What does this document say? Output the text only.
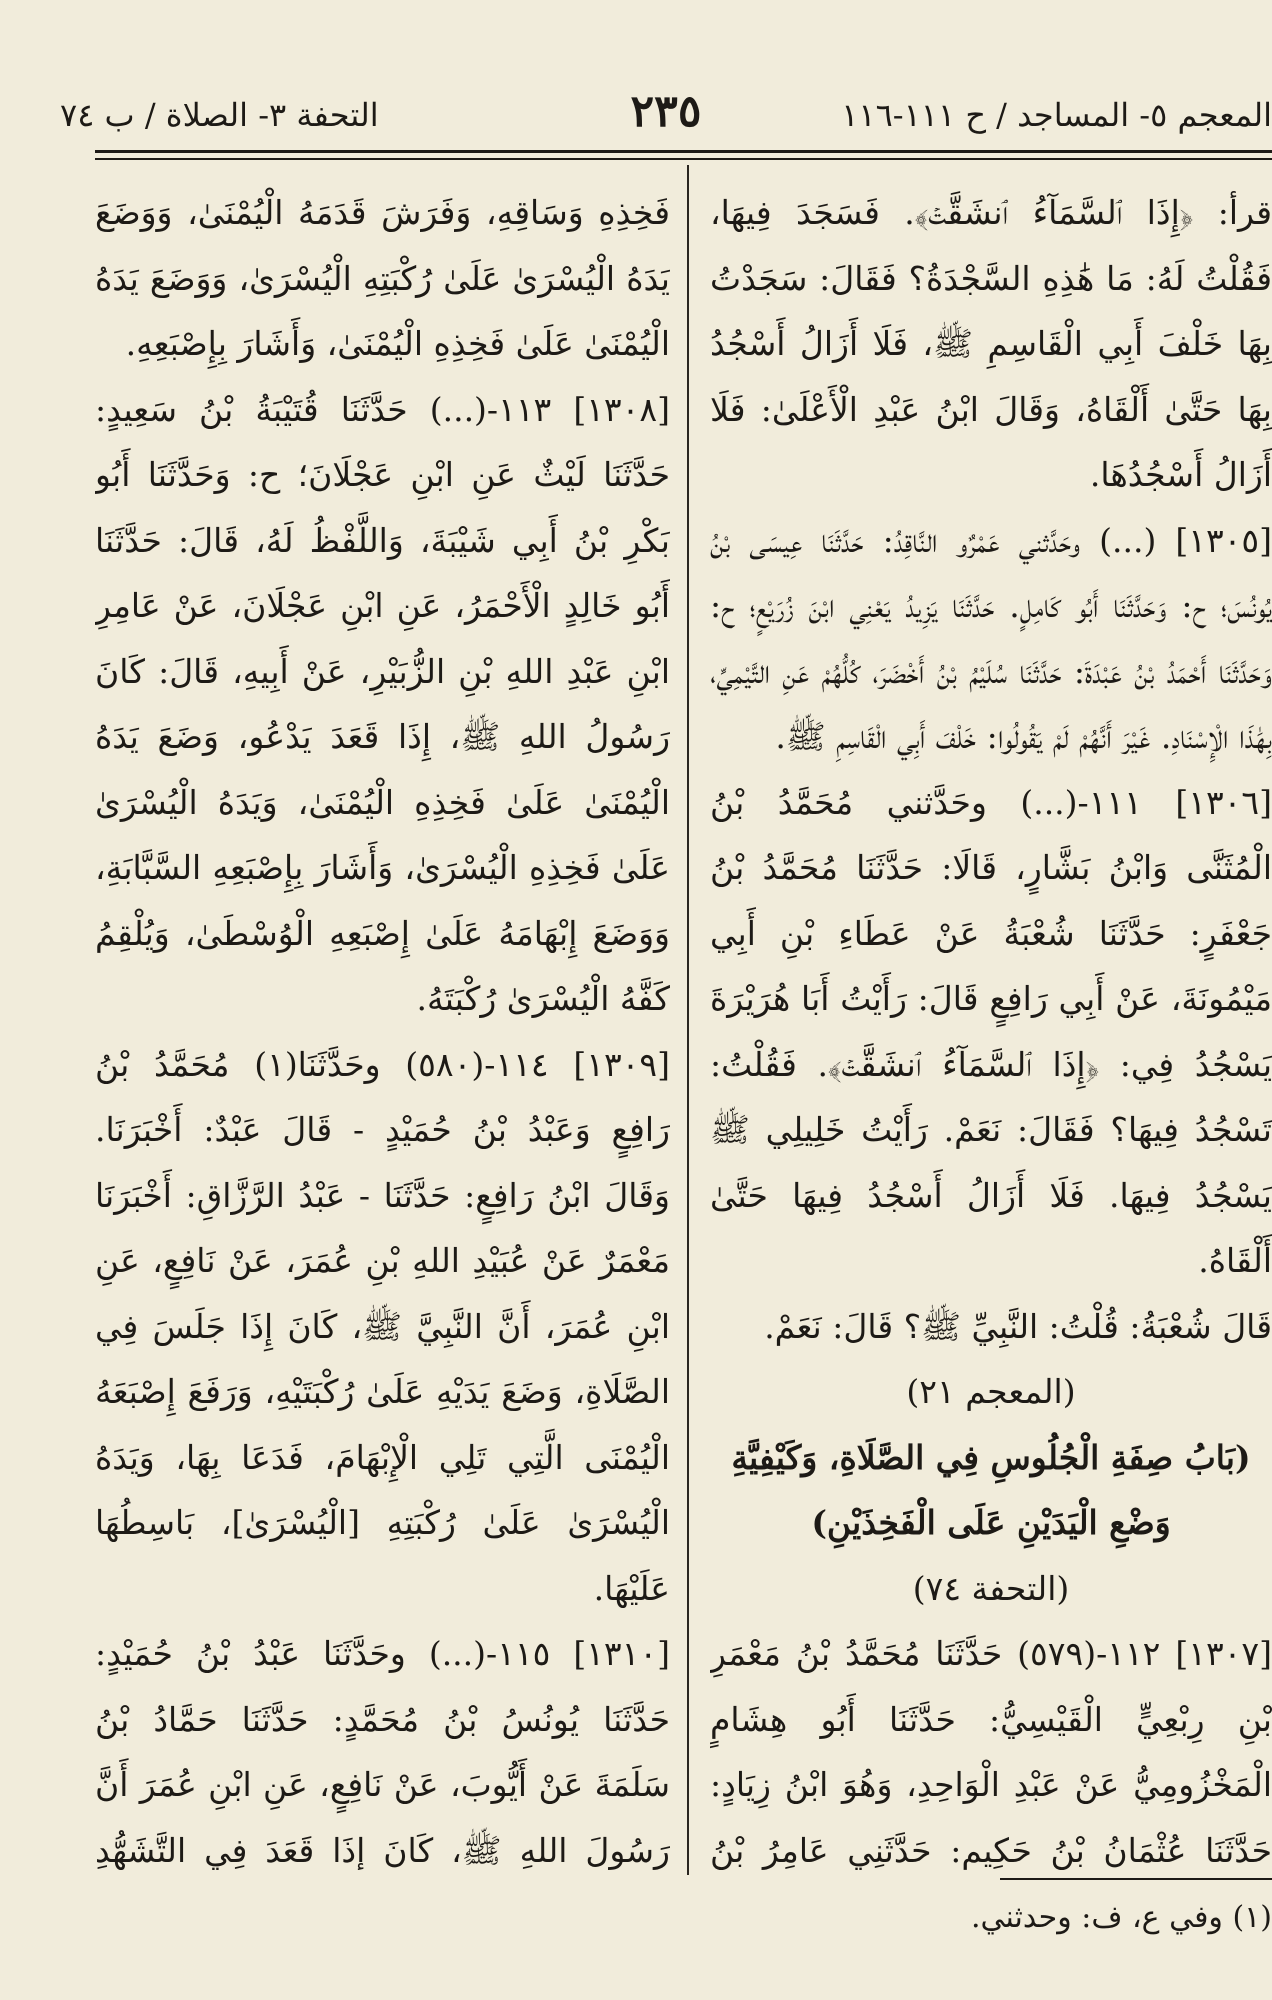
المعجم ٥- المساجد / ح ١١١-١١٦
٢٣٥
التحفة ٣- الصلاة / ب ٧٤

قرأ: ﴿إِذَا ٱلسَّمَآءُ ٱنشَقَّتۡ﴾. فَسَجَدَ فِيهَا، فَقُلْتُ لَهُ: مَا هَٰذِهِ السَّجْدَةُ؟ فَقَالَ: سَجَدْتُ بِهَا خَلْفَ أَبِي الْقَاسِمِ ﷺ، فَلَا أَزَالُ أَسْجُدُ بِهَا حَتَّىٰ أَلْقَاهُ، وَقَالَ ابْنُ عَبْدِ الْأَعْلَىٰ: فَلَا أَزَالُ أَسْجُدُهَا.

[١٣٠٥] (...) وحَدَّثني عَمْرٌو النَّاقِدُ: حَدَّثَنَا عِيسَى بْنُ يُونُسَ؛ ح: وَحَدَّثَنَا أَبُو كَامِلٍ. حَدَّثَنَا يَزِيدُ يَعْنِي ابْنَ زُرَيْعٍ؛ ح: وَحَدَّثَنَا أَحْمَدُ بْنُ عَبْدَةَ: حَدَّثَنَا سُلَيْمُ بْنُ أَخْضَرَ، كُلُّهُمْ عَنِ التَّيْمِيِّ، بِهَٰذَا الْإِسْنَادِ. غَيْرَ أَنَّهُمْ لَمْ يَقُولُوا: خَلْفَ أَبِي الْقَاسِمِ ﷺ.

[١٣٠٦] ١١١-(...) وحَدَّثني مُحَمَّدُ بْنُ الْمُثَنَّى وَابْنُ بَشَّارٍ، قَالَا: حَدَّثَنَا مُحَمَّدُ بْنُ جَعْفَرٍ: حَدَّثَنَا شُعْبَةُ عَنْ عَطَاءِ بْنِ أَبِي مَيْمُونَةَ، عَنْ أَبِي رَافِعٍ قَالَ: رَأَيْتُ أَبَا هُرَيْرَةَ يَسْجُدُ فِي: ﴿إِذَا ٱلسَّمَآءُ ٱنشَقَّتۡ﴾. فَقُلْتُ: تَسْجُدُ فِيهَا؟ فَقَالَ: نَعَمْ. رَأَيْتُ خَلِيلِي ﷺ يَسْجُدُ فِيهَا. فَلَا أَزَالُ أَسْجُدُ فِيهَا حَتَّىٰ أَلْقَاهُ.

قَالَ شُعْبَةُ: قُلْتُ: النَّبِيِّ ﷺ؟ قَالَ: نَعَمْ.

(المعجم ٢١)

(بَابُ صِفَةِ الْجُلُوسِ فِي الصَّلَاةِ، وَكَيْفِيَّةِ وَضْعِ الْيَدَيْنِ عَلَى الْفَخِذَيْنِ)

(التحفة ٧٤)

[١٣٠٧] ١١٢-(٥٧٩) حَدَّثَنَا مُحَمَّدُ بْنُ مَعْمَرِ بْنِ رِبْعِيٍّ الْقَيْسِيُّ: حَدَّثَنَا أَبُو هِشَامٍ الْمَخْزُومِيُّ عَنْ عَبْدِ الْوَاحِدِ، وَهُوَ ابْنُ زِيَادٍ: حَدَّثَنَا عُثْمَانُ بْنُ حَكِيمٍ: حَدَّثَنِي عَامِرُ بْنُ

فَخِذِهِ وَسَاقِهِ، وَفَرَشَ قَدَمَهُ الْيُمْنَىٰ، وَوَضَعَ يَدَهُ الْيُسْرَىٰ عَلَىٰ رُكْبَتِهِ الْيُسْرَىٰ، وَوَضَعَ يَدَهُ الْيُمْنَىٰ عَلَىٰ فَخِذِهِ الْيُمْنَىٰ، وَأَشَارَ بِإِصْبَعِهِ.

[١٣٠٨] ١١٣-(...) حَدَّثَنَا قُتَيْبَةُ بْنُ سَعِيدٍ: حَدَّثَنَا لَيْثٌ عَنِ ابْنِ عَجْلَانَ؛ ح: وَحَدَّثَنَا أَبُو بَكْرِ بْنُ أَبِي شَيْبَةَ، وَاللَّفْظُ لَهُ، قَالَ: حَدَّثَنَا أَبُو خَالِدٍ الْأَحْمَرُ، عَنِ ابْنِ عَجْلَانَ، عَنْ عَامِرِ ابْنِ عَبْدِ اللهِ بْنِ الزُّبَيْرِ، عَنْ أَبِيهِ، قَالَ: كَانَ رَسُولُ اللهِ ﷺ، إِذَا قَعَدَ يَدْعُو، وَضَعَ يَدَهُ الْيُمْنَىٰ عَلَىٰ فَخِذِهِ الْيُمْنَىٰ، وَيَدَهُ الْيُسْرَىٰ عَلَىٰ فَخِذِهِ الْيُسْرَىٰ، وَأَشَارَ بِإِصْبَعِهِ السَّبَّابَةِ، وَوَضَعَ إِبْهَامَهُ عَلَىٰ إِصْبَعِهِ الْوُسْطَىٰ، وَيُلْقِمُ كَفَّهُ الْيُسْرَىٰ رُكْبَتَهُ.

[١٣٠٩] ١١٤-(٥٨٠) وحَدَّثَنَا(١) مُحَمَّدُ بْنُ رَافِعٍ وَعَبْدُ بْنُ حُمَيْدٍ - قَالَ عَبْدٌ: أَخْبَرَنَا. وَقَالَ ابْنُ رَافِعٍ: حَدَّثَنَا - عَبْدُ الرَّزَّاقِ: أَخْبَرَنَا مَعْمَرٌ عَنْ عُبَيْدِ اللهِ بْنِ عُمَرَ، عَنْ نَافِعٍ، عَنِ ابْنِ عُمَرَ، أَنَّ النَّبِيَّ ﷺ، كَانَ إِذَا جَلَسَ فِي الصَّلَاةِ، وَضَعَ يَدَيْهِ عَلَىٰ رُكْبَتَيْهِ، وَرَفَعَ إِصْبَعَهُ الْيُمْنَى الَّتِي تَلِي الْإِبْهَامَ، فَدَعَا بِهَا، وَيَدَهُ الْيُسْرَىٰ عَلَىٰ رُكْبَتِهِ [الْيُسْرَىٰ]، بَاسِطُهَا عَلَيْهَا.

[١٣١٠] ١١٥-(...) وحَدَّثَنَا عَبْدُ بْنُ حُمَيْدٍ: حَدَّثَنَا يُونُسُ بْنُ مُحَمَّدٍ: حَدَّثَنَا حَمَّادُ بْنُ سَلَمَةَ عَنْ أَيُّوبَ، عَنْ نَافِعٍ، عَنِ ابْنِ عُمَرَ أَنَّ رَسُولَ اللهِ ﷺ، كَانَ إِذَا قَعَدَ فِي التَّشَهُّدِ

(١) وفي ع، ف: وحدثني.
